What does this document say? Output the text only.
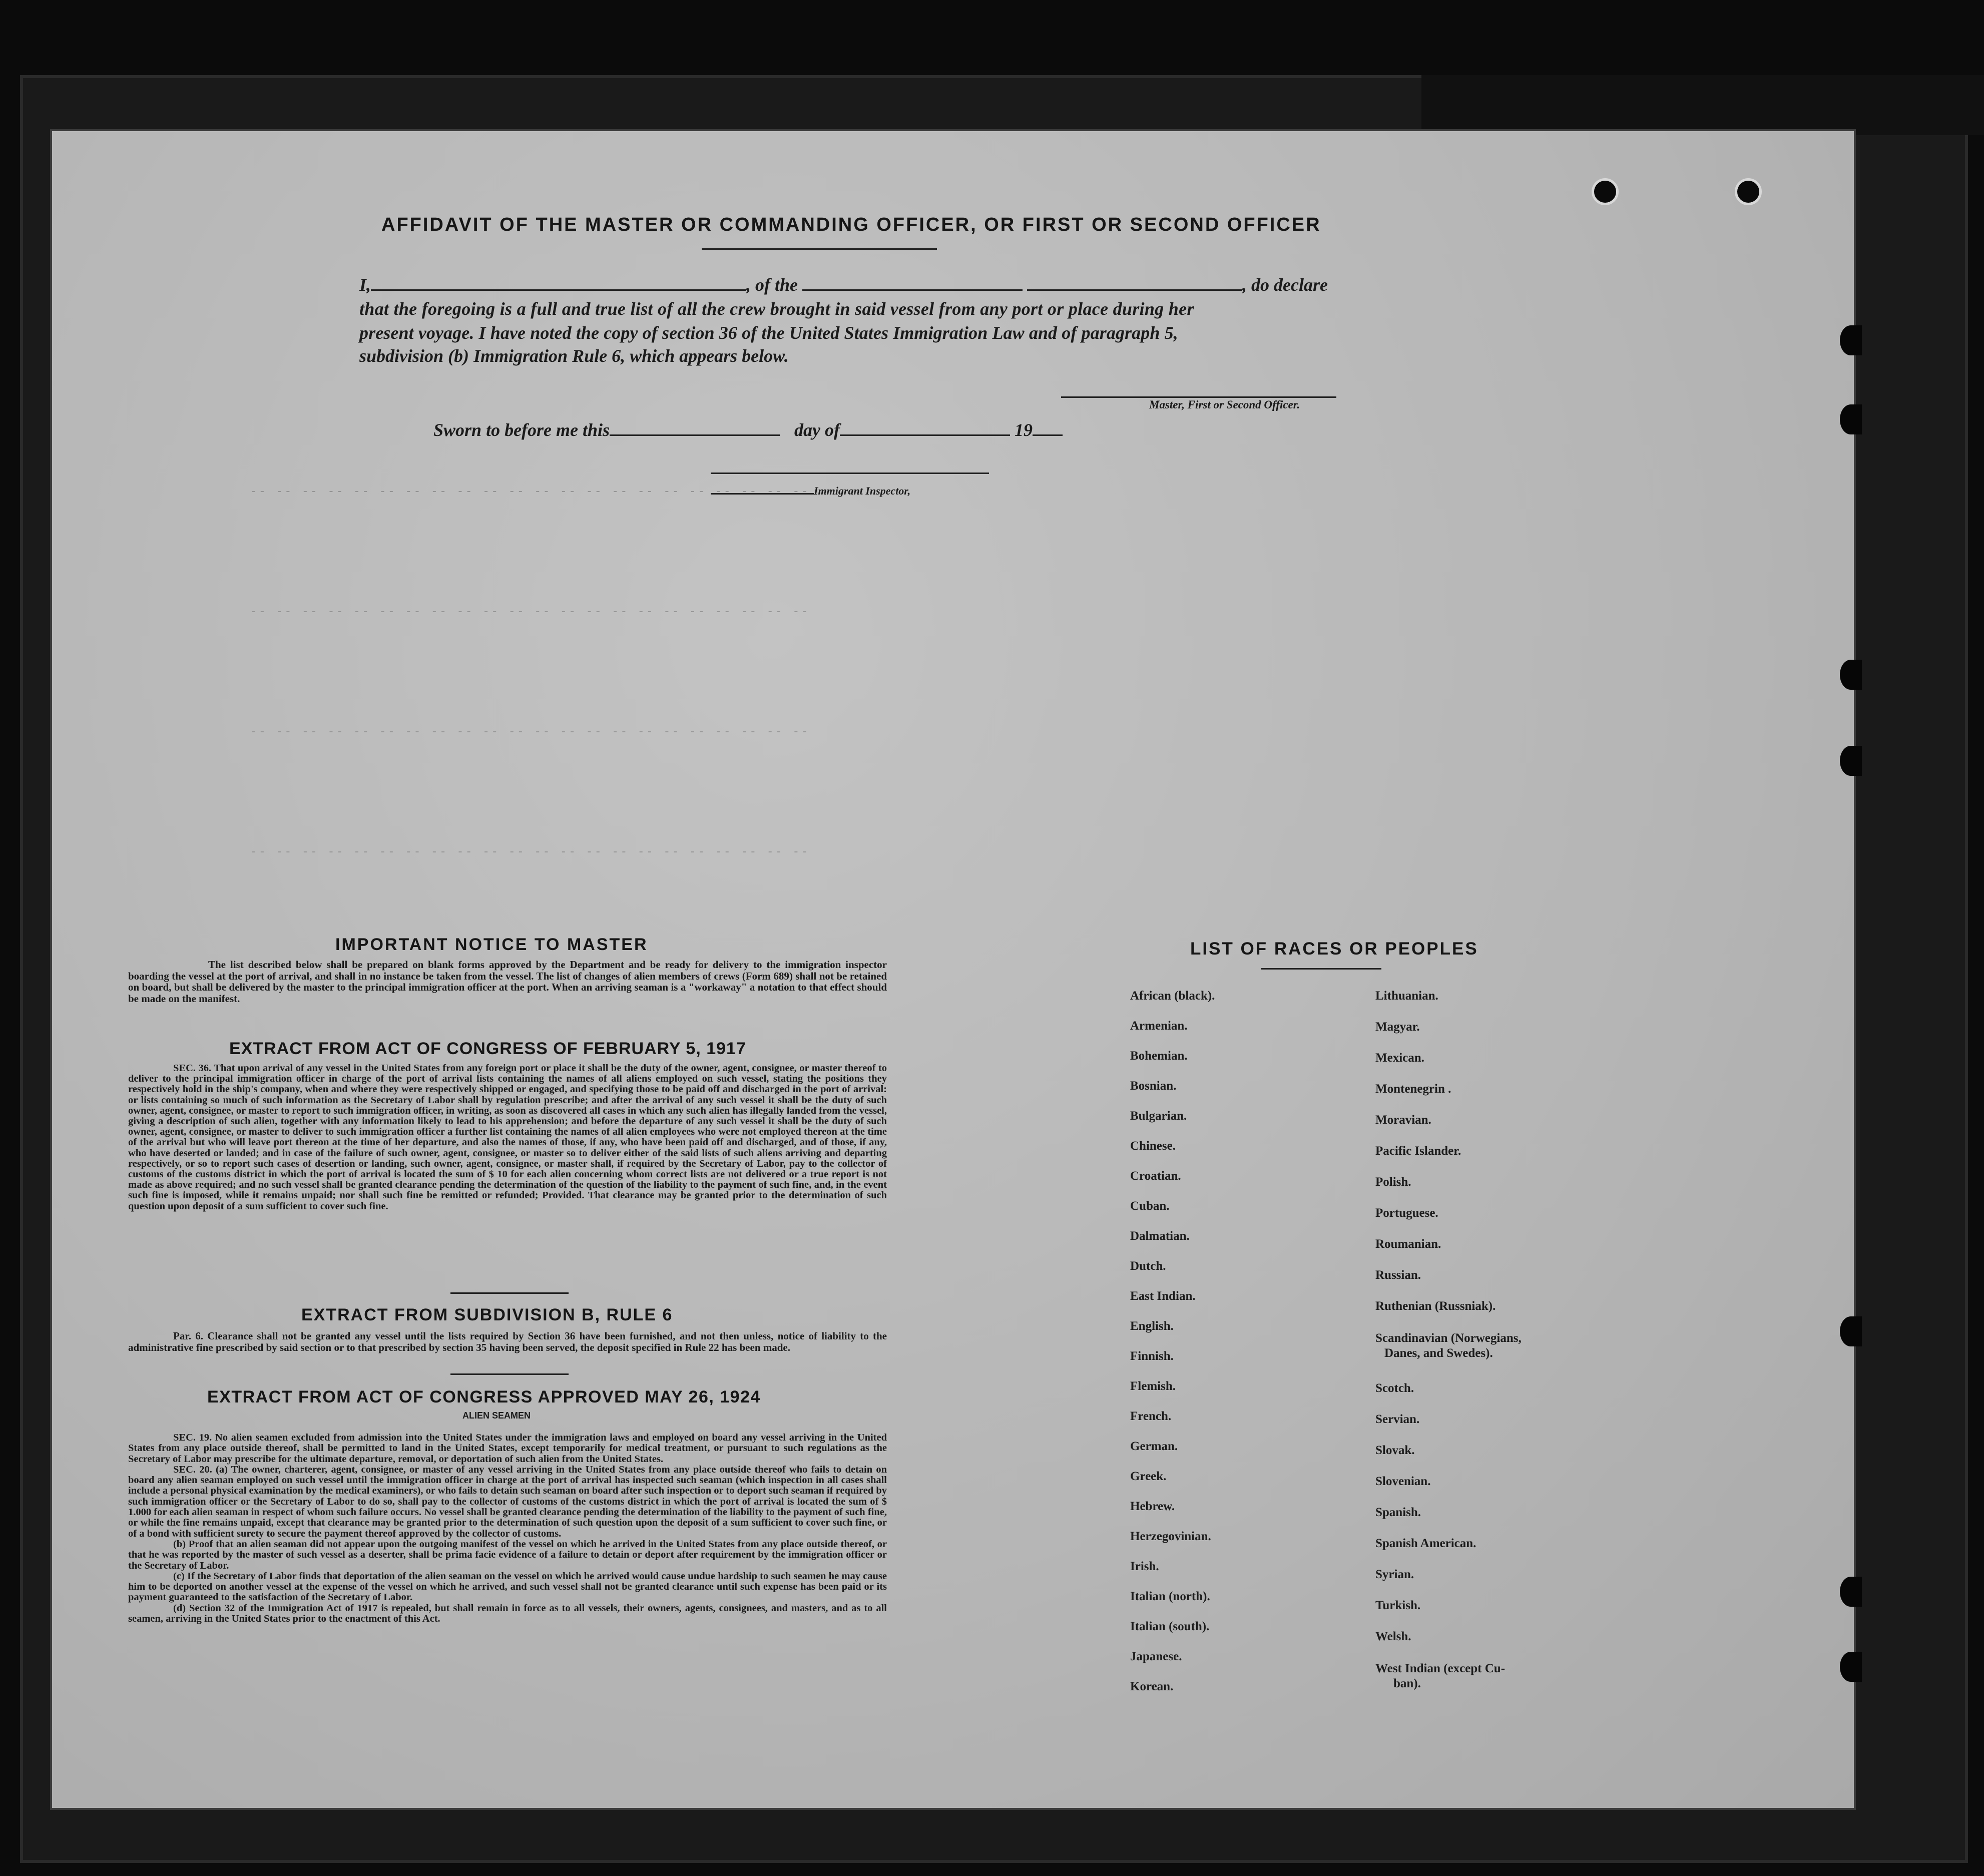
-- -- -- -- -- -- -- -- -- -- -- -- -- -- -- -- -- -- -- -- -- --
-- -- -- -- -- -- -- -- -- -- -- -- -- -- -- -- -- -- -- -- -- --
-- -- -- -- -- -- -- -- -- -- -- -- -- -- -- -- -- -- -- -- -- --
-- -- -- -- -- -- -- -- -- -- -- -- -- -- -- -- -- -- -- -- -- --
AFFIDAVIT OF THE MASTER OR COMMANDING OFFICER, OR FIRST OR SECOND OFFICER
I,	, of the	, do declare
that the foregoing is a full and true list of all the crew brought in said vessel from any port or place during her
present voyage. I have noted the copy of section 36 of the United States Immigration Law and of paragraph 5,
subdivision (b) Immigration Rule 6, which appears below.
Master, First or Second Officer.
Sworn to before me this	day of	19
Immigrant Inspector,
IMPORTANT NOTICE TO MASTER

The list described below shall be prepared on blank forms approved by the Department and be ready for delivery to the immigration inspector boarding the vessel at the port of arrival, and shall in no instance be taken from the vessel. The list of changes of alien members of crews (Form 689) shall not be retained on board, but shall be delivered by the master to the principal immigration officer at the port. When an arriving seaman is a "workaway" a notation to that effect should be made on the manifest.

EXTRACT FROM ACT OF CONGRESS OF FEBRUARY 5, 1917

SEC. 36. That upon arrival of any vessel in the United States from any foreign port or place it shall be the duty of the owner, agent, consignee, or master thereof to deliver to the principal immigration officer in charge of the port of arrival lists containing the names of all aliens employed on such vessel, stating the positions they respectively hold in the ship's company, when and where they were respectively shipped or engaged, and specifying those to be paid off and discharged in the port of arrival: or lists containing so much of such information as the Secretary of Labor shall by regulation prescribe; and after the arrival of any such vessel it shall be the duty of such owner, agent, consignee, or master to report to such immigration officer, in writing, as soon as discovered all cases in which any such alien has illegally landed from the vessel, giving a description of such alien, together with any information likely to lead to his apprehension; and before the departure of any such vessel it shall be the duty of such owner, agent, consignee, or master to deliver to such immigration officer a further list containing the names of all alien employees who were not employed thereon at the time of the arrival but who will leave port thereon at the time of her departure, and also the names of those, if any, who have been paid off and discharged, and of those, if any, who have deserted or landed; and in case of the failure of such owner, agent, consignee, or master so to deliver either of the said lists of such aliens arriving and departing respectively, or so to report such cases of desertion or landing, such owner, agent, consignee, or master shall, if required by the Secretary of Labor, pay to the collector of customs of the customs district in which the port of arrival is located the sum of $ 10 for each alien concerning whom correct lists are not delivered or a true report is not made as above required; and no such vessel shall be granted clearance pending the determination of the question of the liability to the payment of such fine, and, in the event such fine is imposed, while it remains unpaid; nor shall such fine be remitted or refunded; Provided. That clearance may be granted prior to the determination of such question upon deposit of a sum sufficient to cover such fine.

EXTRACT FROM SUBDIVISION B, RULE 6

Par. 6. Clearance shall not be granted any vessel until the lists required by Section 36 have been furnished, and not then unless, notice of liability to the administrative fine prescribed by said section or to that prescribed by section 35 having been served, the deposit specified in Rule 22 has been made.

EXTRACT FROM ACT OF CONGRESS APPROVED MAY 26, 1924
ALIEN SEAMEN

SEC. 19. No alien seamen excluded from admission into the United States under the immigration laws and employed on board any vessel arriving in the United States from any place outside thereof, shall be permitted to land in the United States, except temporarily for medical treatment, or pursuant to such regulations as the Secretary of Labor may prescribe for the ultimate departure, removal, or deportation of such alien from the United States.

SEC. 20. (a) The owner, charterer, agent, consignee, or master of any vessel arriving in the United States from any place outside thereof who fails to detain on board any alien seaman employed on such vessel until the immigration officer in charge at the port of arrival has inspected such seaman (which inspection in all cases shall include a personal physical examination by the medical examiners), or who fails to detain such seaman on board after such inspection or to deport such seaman if required by such immigration officer or the Secretary of Labor to do so, shall pay to the collector of customs of the customs district in which the port of arrival is located the sum of $ 1.000 for each alien seaman in respect of whom such failure occurs. No vessel shall be granted clearance pending the determination of the liability to the payment of such fine, or while the fine remains unpaid, except that clearance may be granted prior to the determination of such question upon the deposit of a sum sufficient to cover such fine, or of a bond with sufficient surety to secure the payment thereof approved by the collector of customs.

(b) Proof that an alien seaman did not appear upon the outgoing manifest of the vessel on which he arrived in the United States from any place outside thereof, or that he was reported by the master of such vessel as a deserter, shall be prima facie evidence of a failure to detain or deport after requirement by the immigration officer or the Secretary of Labor.

(c) If the Secretary of Labor finds that deportation of the alien seaman on the vessel on which he arrived would cause undue hardship to such seamen he may cause him to be deported on another vessel at the expense of the vessel on which he arrived, and such vessel shall not be granted clearance until such expense has been paid or its payment guaranteed to the satisfaction of the Secretary of Labor.

(d) Section 32 of the Immigration Act of 1917 is repealed, but shall remain in force as to all vessels, their owners, agents, consignees, and masters, and as to all seamen, arriving in the United States prior to the enactment of this Act.

LIST OF RACES OR PEOPLES
African (black).
Armenian.
Bohemian.
Bosnian.
Bulgarian.
Chinese.
Croatian.
Cuban.
Dalmatian.
Dutch.
East Indian.
English.
Finnish.
Flemish.
French.
German.
Greek.
Hebrew.
Herzegovinian.
Irish.
Italian (north).
Italian (south).
Japanese.
Korean.
Lithuanian.
Magyar.
Mexican.
Montenegrin .
Moravian.
Pacific Islander.
Polish.
Portuguese.
Roumanian.
Russian.
Ruthenian (Russniak).
Scandinavian (Norwegians,
Danes, and Swedes).
Scotch.
Servian.
Slovak.
Slovenian.
Spanish.
Spanish American.
Syrian.
Turkish.
Welsh.
West Indian (except Cu-
ban).
